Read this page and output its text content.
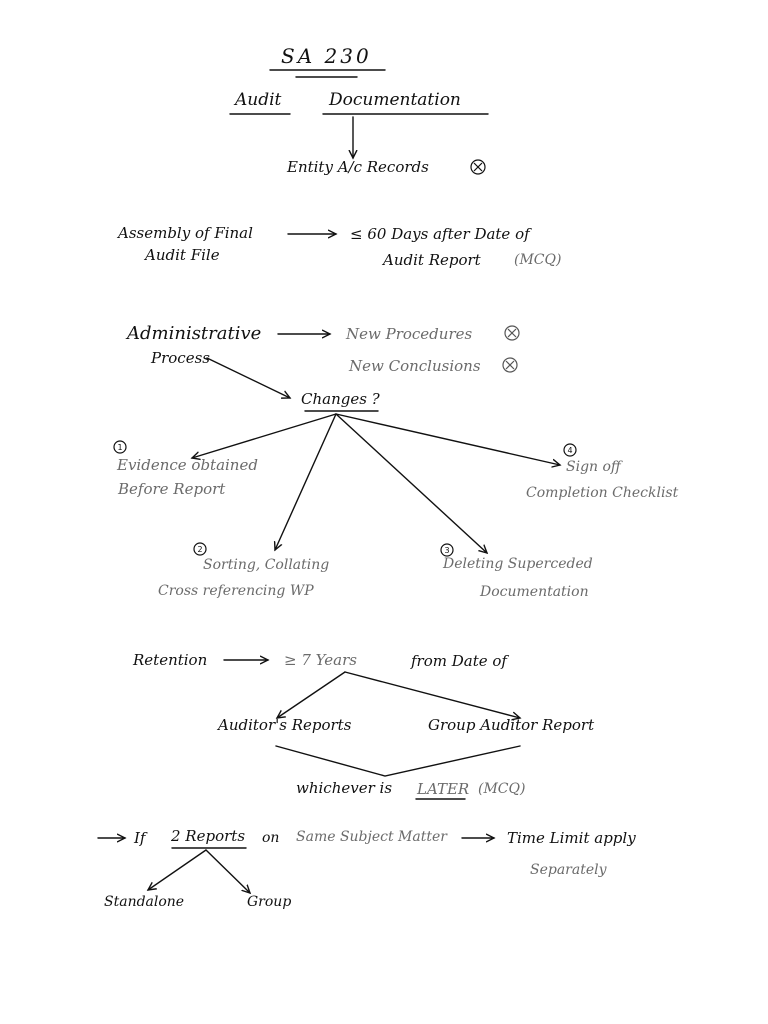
1
2	3
4
SA 230
Audit	Documentation
Entity A/c Records
Assembly of Final
Audit File
≤ 60 Days after Date of
Audit Report (MCQ)
Administrative
Process
New Procedures
New Conclusions
Changes ?
Evidence obtained
Before Report
Sorting, Collating
Cross referencing WP
Deleting Superceded
Documentation
Sign off
Completion Checklist
Retention	≥ 7 Years	from Date of
Auditor's Reports	Group Auditor Report
whichever is LATER (MCQ)
If 2 Reports on Same Subject Matter	Time Limit apply
Separately
Standalone	Group
